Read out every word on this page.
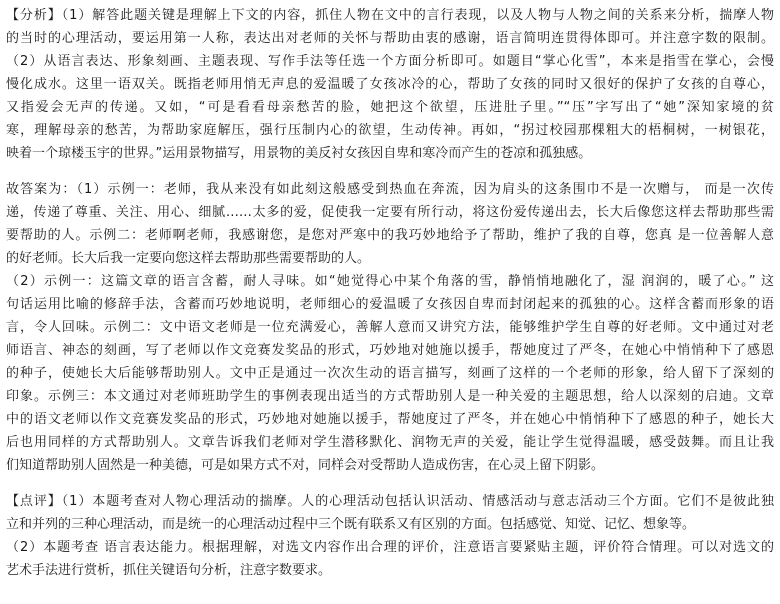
【分析】（1）解答此题关键是理解上下文的内容，抓住人物在文中的言行表现，以及人物与人物之间的关系来分析，揣摩人物
的当时的心理活动，要运用第一人称，表达出对老师的关怀与帮助由衷的感谢，语言简明连贯得体即可。并注意字数的限制。
（2）从语言表达、形象刻画、主题表现、写作手法等任选一个方面分析即可。如题目“掌心化雪”，本来是指雪在掌心，会慢
慢化成水。这里一语双关。既指老师用悄无声息的爱温暖了女孩冰冷的心，帮助了女孩的同时又很好的保护了女孩的自尊心，
又指爱会无声的传递。又如，“可是看看母亲愁苦的脸，她把这个欲望，压进肚子里。”“压”字写出了“她”深知家境的贫
寒，理解母亲的愁苦，为帮助家庭解压，强行压制内心的欲望，生动传神。再如，“拐过校园那棵粗大的梧桐树，一树银花，
映着一个琼楼玉宇的世界。”运用景物描写，用景物的美反衬女孩因自卑和寒冷而产生的苍凉和孤独感。
故答案为：（1）示例一：老师，我从来没有如此刻这般感受到热血在奔流，因为肩头的这条围巾不是一次赠与， 而是一次传
递，传递了尊重、关注、用心、细腻……太多的爱，促使我一定要有所行动，将这份爱传递出去，长大后像您这样去帮助那些需
要帮助的人。示例二：老师啊老师，我感谢您，是您对严寒中的我巧妙地给予了帮助，维护了我的自尊，您真 是一位善解人意
的好老师。长大后我一定要向您这样去帮助那些需要帮助的人。
（2）示例一：这篇文章的语言含蓄，耐人寻味。如“她觉得心中某个角落的雪，静悄悄地融化了，湿 润润的，暖了心。” 这
句话运用比喻的修辞手法，含蓄而巧妙地说明，老师细心的爱温暖了女孩因自卑而封闭起来的孤独的心。这样含蓄而形象的语
言，令人回味。示例二：文中语文老师是一位充满爱心，善解人意而又讲究方法，能够维护学生自尊的好老师。文中通过对老
师语言、神态的刻画，写了老师以作文竞赛发奖品的形式，巧妙地对她施以援手，帮她度过了严冬，在她心中悄悄种下了感恩
的种子，使她长大后能够帮助别人。文中正是通过一次次生动的语言描写，刻画了这样的一个老师的形象，给人留下了深刻的
印象。示例三：本文通过对老师班助学生的事例表现出适当的方式帮助别人是一种关爱的主题思想，给人以深刻的启迪。文章
中的语文老师以作文竞赛发奖品的形式，巧妙地对她施以援手，帮她度过了严冬，并在她心中悄悄种下了感恩的种子，她长大
后也用同样的方式帮助别人。文章告诉我们老师对学生潜移默化、润物无声的关爱，能让学生觉得温暖，感受鼓舞。而且让我
们知道帮助别人固然是一种美德，可是如果方式不对，同样会对受帮助人造成伤害，在心灵上留下阴影。
【点评】（1）本题考查对人物心理活动的揣摩。人的心理活动包括认识活动、情感活动与意志活动三个方面。它们不是彼此独
立和并列的三种心理活动，而是统一的心理活动过程中三个既有联系又有区别的方面。包括感觉、知觉、记忆、想象等。
（2）本题考查 语言表达能力。根据理解，对选文内容作出合理的评价，注意语言要紧贴主题，评价符合情理。可以对选文的
艺术手法进行赏析，抓住关键语句分析，注意字数要求。
